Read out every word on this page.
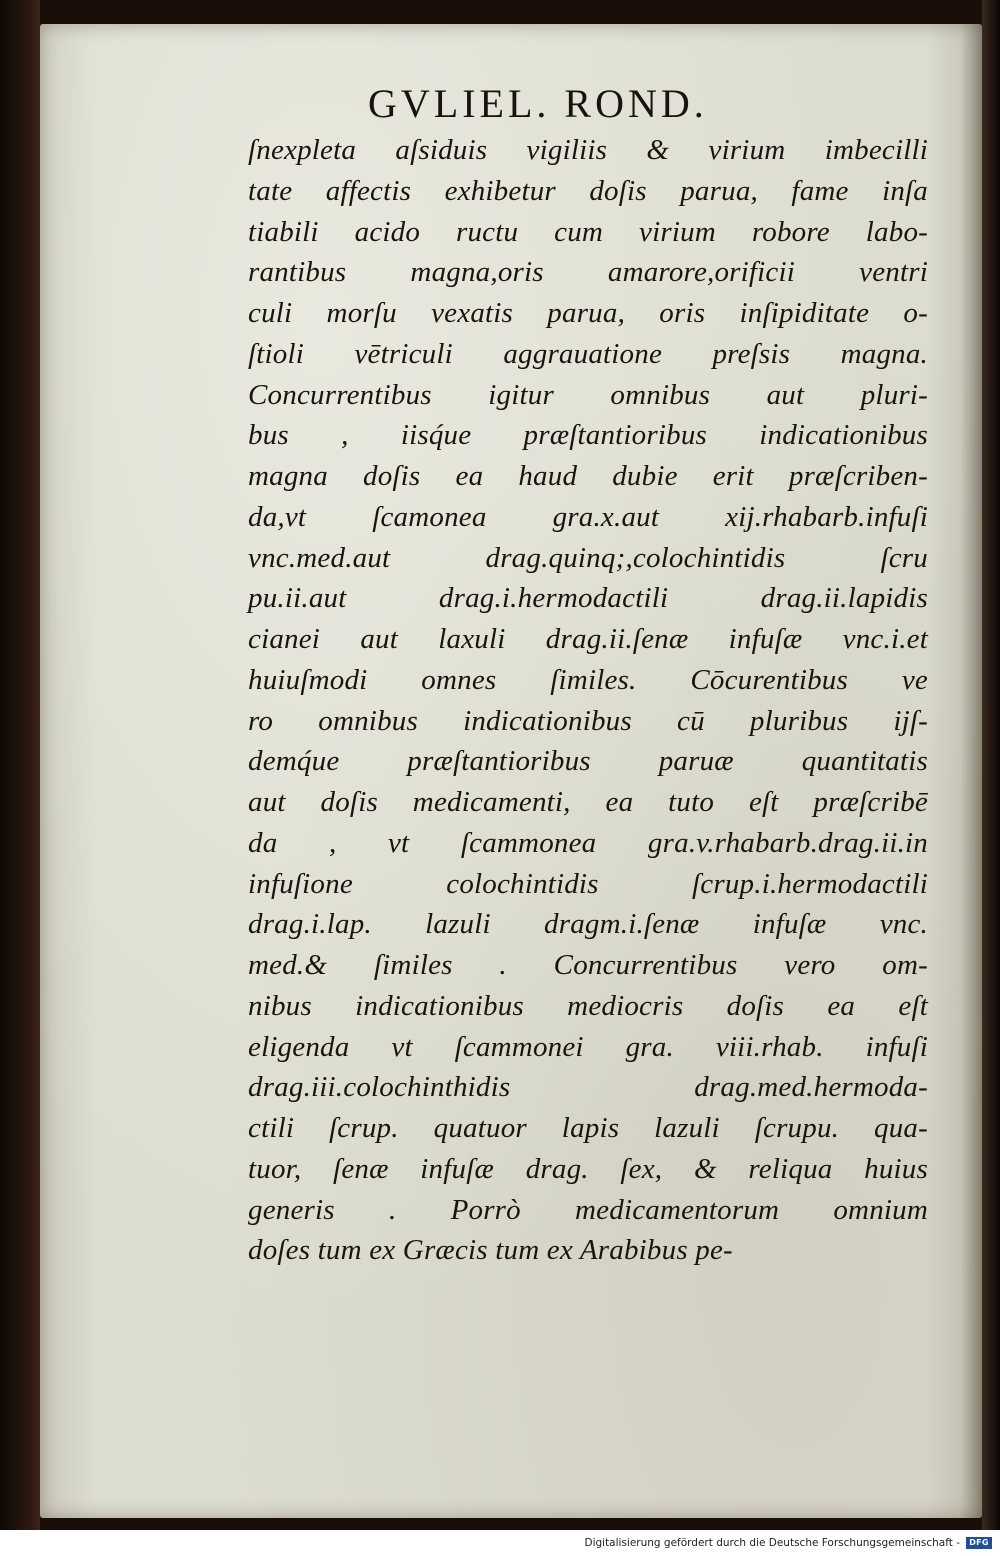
GVLIEL. ROND.
ſnexpleta aſsiduis vigiliis & virium imbecilli
tate affectis exhibetur doſis parua, fame inſa
tiabili acido ructu cum virium robore labo-
rantibus magna,oris amarore,orificii ventri
culi morſu vexatis parua, oris inſipiditate o-
ſtioli vētriculi aggrauatione preſsis magna.
Concurrentibus igitur omnibus aut pluri-
bus , iisq́ue præſtantioribus indicationibus
magna doſis ea haud dubie erit præſcriben-
da,vt ſcamonea gra.x.aut xij.rhabarb.infuſi
vnc.med.aut drag.quinq;,colochintidis ſcru
pu.ii.aut drag.i.hermodactili drag.ii.lapidis
cianei aut laxuli drag.ii.ſenæ infuſæ vnc.i.et
huiuſmodi omnes ſimiles. Cōcurentibus ve
ro omnibus indicationibus cū pluribus ijſ-
demq́ue præſtantioribus paruæ quantitatis
aut doſis medicamenti, ea tuto eſt præſcribē
da , vt ſcammonea gra.v.rhabarb.drag.ii.in
infuſione colochintidis ſcrup.i.hermodactili
drag.i.lap. lazuli dragm.i.ſenæ infuſæ vnc.
med.& ſimiles . Concurrentibus vero om-
nibus indicationibus mediocris doſis ea eſt
eligenda vt ſcammonei gra. viii.rhab. infuſi
drag.iii.colochinthidis drag.med.hermoda-
ctili ſcrup. quatuor lapis lazuli ſcrupu. qua-
tuor, ſenæ infuſæ drag. ſex, & reliqua huius
generis . Porrò medicamentorum omnium
doſes tum ex Græcis tum ex Arabibus pe-
Digitalisierung gefördert durch die Deutsche Forschungsgemeinschaft -	DFG
